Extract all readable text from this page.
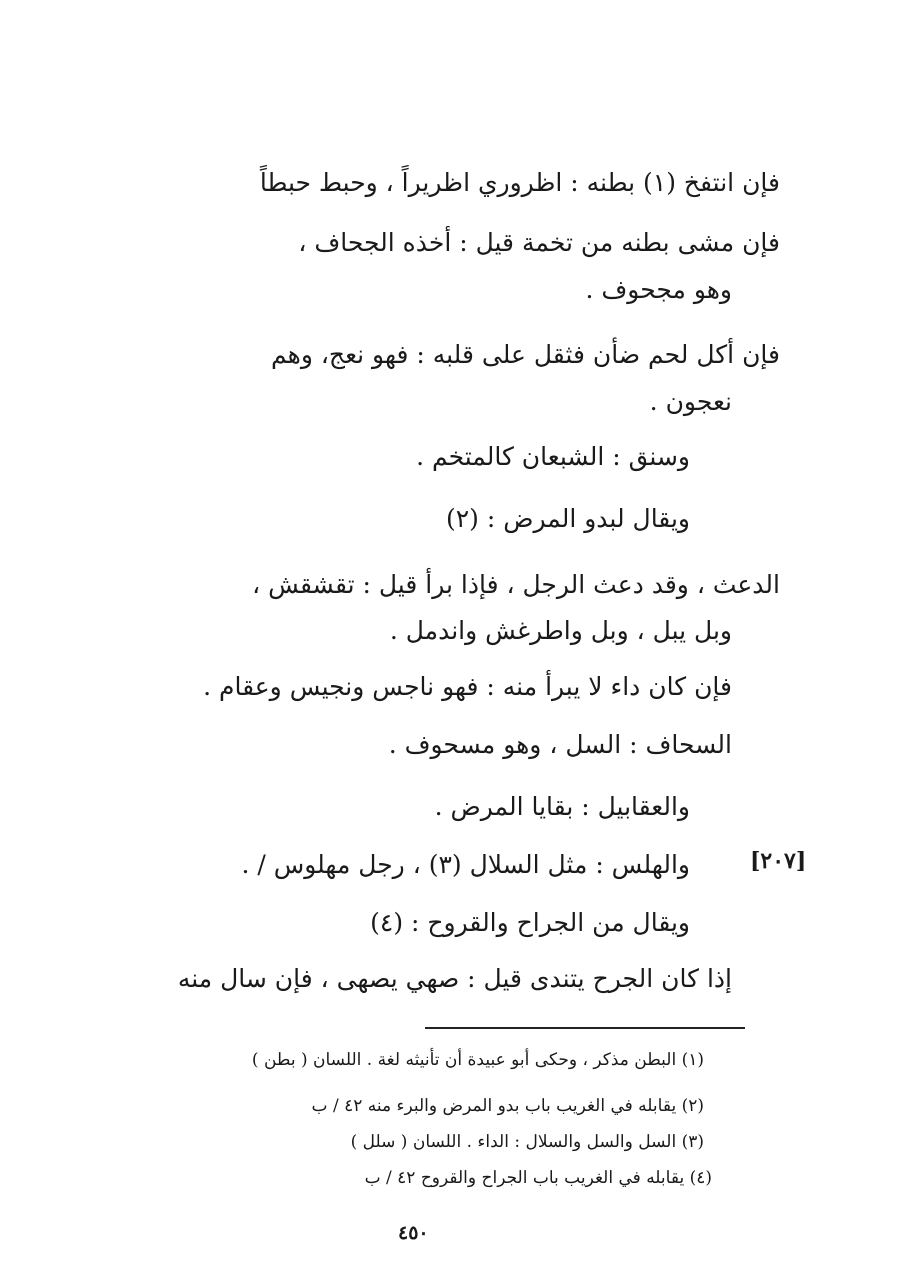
فإن انتفخ (١) بطنه : اظروري اظريراً ، وحبط حبطاً
فإن مشى بطنه من تخمة قيل : أخذه الجحاف ،
وهو مجحوف .
فإن أكل لحم ضأن فثقل على قلبه : فهو نعج، وهم
نعجون .
وسنق : الشبعان كالمتخم .
ويقال لبدو المرض : (٢)
الدعث ، وقد دعث الرجل ، فإذا برأ قيل : تقشقش ،
وبل يبل ، وبل واطرغش واندمل .
فإن كان داء لا يبرأ منه : فهو ناجس ونجيس وعقام .
السحاف : السل ، وهو مسحوف .
والعقابيل : بقايا المرض .
والهلس : مثل السلال (٣) ، رجل مهلوس / .
ويقال من الجراح والقروح : (٤)
إذا كان الجرح يتندى قيل : صهي يصهى ، فإن سال منه
[٢٠٧]
(١) البطن مذكر ، وحكى أبو عبيدة أن تأنيثه لغة . اللسان ( بطن )
(٢) يقابله في الغريب باب بدو المرض والبرء منه ٤٢ / ب
(٣) السل والسل والسلال : الداء . اللسان ( سلل )
(٤) يقابله في الغريب باب الجراح والقروح ٤٢ / ب
٤٥٠
